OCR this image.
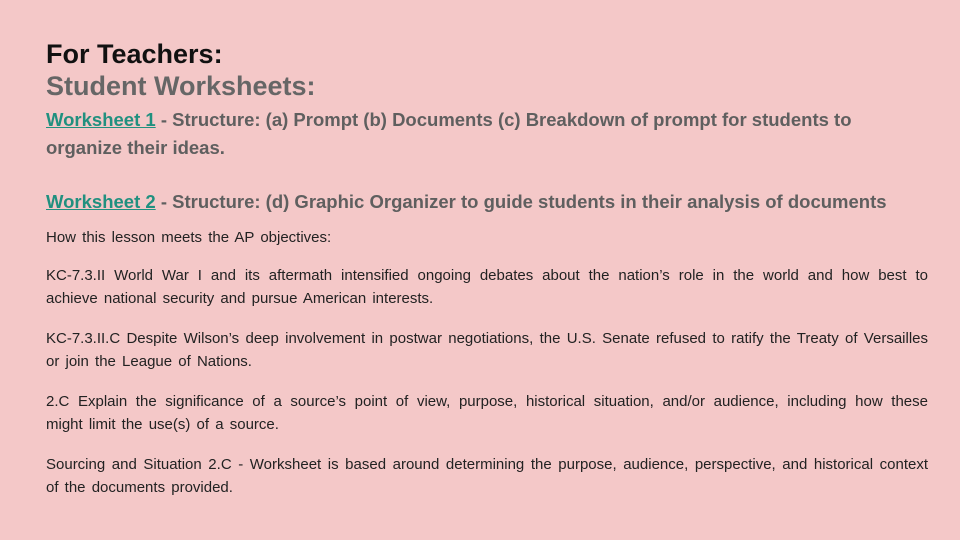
For Teachers:
Student Worksheets:

Worksheet 1 - Structure: (a) Prompt (b) Documents (c) Breakdown of prompt for students to organize their ideas.

Worksheet 2 - Structure: (d) Graphic Organizer to guide students in their analysis of documents

How this lesson meets the AP objectives:

KC-7.3.II World War I and its aftermath intensified ongoing debates about the nation’s role in the world and how best to achieve national security and pursue American interests.

KC-7.3.II.C Despite Wilson’s deep involvement in postwar negotiations, the U.S. Senate refused to ratify the Treaty of Versailles or join the League of Nations.

2.C Explain the significance of a source’s point of view, purpose, historical situation, and/or audience, including how these might limit the use(s) of a source.

Sourcing and Situation 2.C - Worksheet is based around determining the purpose, audience, perspective, and historical context of the documents provided.
